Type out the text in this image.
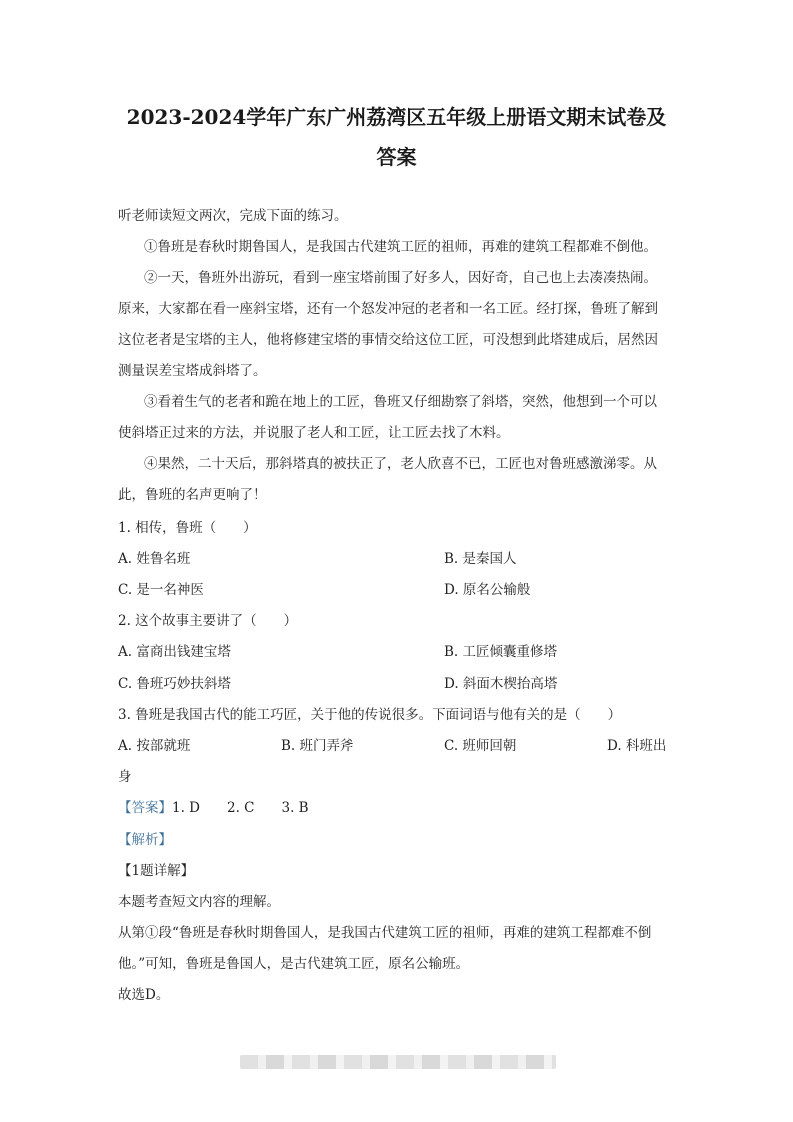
2023-2024学年广东广州荔湾区五年级上册语文期末试卷及
答案
听老师读短文两次，完成下面的练习。
①鲁班是春秋时期鲁国人，是我国古代建筑工匠的祖师，再难的建筑工程都难不倒他。
②一天，鲁班外出游玩，看到一座宝塔前围了好多人，因好奇，自己也上去凑凑热闹。
原来，大家都在看一座斜宝塔，还有一个怒发冲冠的老者和一名工匠。经打探，鲁班了解到
这位老者是宝塔的主人，他将修建宝塔的事情交给这位工匠，可没想到此塔建成后，居然因
测量误差宝塔成斜塔了。
③看着生气的老者和跪在地上的工匠，鲁班又仔细勘察了斜塔，突然，他想到一个可以
使斜塔正过来的方法，并说服了老人和工匠，让工匠去找了木料。
④果然，二十天后，那斜塔真的被扶正了，老人欣喜不已，工匠也对鲁班感激涕零。从
此，鲁班的名声更响了！
1. 相传，鲁班（　　）
A. 姓鲁名班	B. 是秦国人
C. 是一名神医	D. 原名公输般
2. 这个故事主要讲了（　　）
A. 富商出钱建宝塔	B. 工匠倾囊重修塔
C. 鲁班巧妙扶斜塔	D. 斜面木楔抬高塔
3. 鲁班是我国古代的能工巧匠，关于他的传说很多。下面词语与他有关的是（　　）
A. 按部就班	B. 班门弄斧	C. 班师回朝	D. 科班出
身
【答案】1. D　　2. C　　3. B
【解析】
【1题详解】
本题考查短文内容的理解。
从第①段“鲁班是春秋时期鲁国人，是我国古代建筑工匠的祖师，再难的建筑工程都难不倒
他。”可知，鲁班是鲁国人，是古代建筑工匠，原名公输班。
故选D。
